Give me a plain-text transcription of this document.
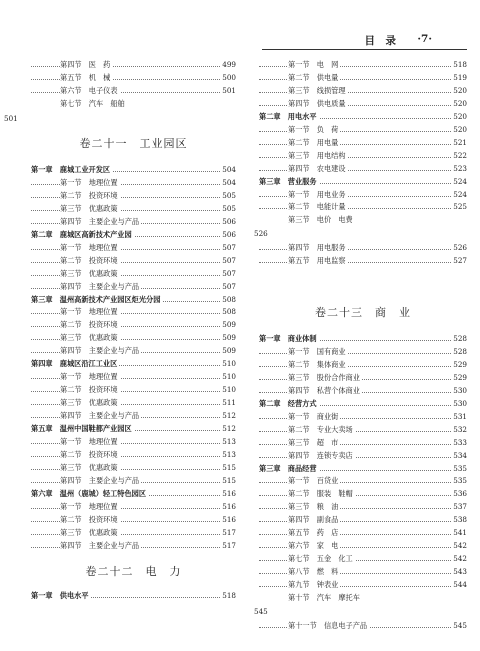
目　录 ·7·
第四节　医　药	499
第五节　机　械	500
第六节　电子仪表	501
第七节　汽车　船舶
501
卷二十一　工业园区
第一章　鹿城工业开发区	504
第一节　地理位置	504
第二节　投资环境	505
第三节　优惠政策	505
第四节　主要企业与产品	506
第二章　鹿城区高新技术产业园	506
第一节　地理位置	507
第二节　投资环境	507
第三节　优惠政策	507
第四节　主要企业与产品	507
第三章　温州高新技术产业园区炬光分园	508
第一节　地理位置	508
第二节　投资环境	509
第三节　优惠政策	509
第四节　主要企业与产品	509
第四章　鹿城区沿江工业区	510
第一节　地理位置	510
第二节　投资环境	510
第三节　优惠政策	511
第四节　主要企业与产品	512
第五章　温州中国鞋都产业园区	512
第一节　地理位置	513
第二节　投资环境	513
第三节　优惠政策	515
第四节　主要企业与产品	515
第六章　温州（鹿城）轻工特色园区	516
第一节　地理位置	516
第二节　投资环境	516
第三节　优惠政策	517
第四节　主要企业与产品	517
卷二十二　电　力
第一章　供电水平	518
第一节　电　网	518
第二节　供电量	519
第三节　线损管理	520
第四节　供电质量	520
第二章　用电水平	520
第一节　负　荷	520
第二节　用电量	521
第三节　用电结构	522
第四节　农电建设	523
第三章　营业服务	524
第一节　用电业务	524
第二节　电能计量	525
第三节　电价　电费
526
第四节　用电服务	526
第五节　用电监察	527
卷二十三　商　业
第一章　商业体制	528
第一节　国有商业	528
第二节　集体商业	529
第三节　股份合作商业	529
第四节　私营个体商业	530
第二章　经营方式	530
第一节　商业街	531
第二节　专业大卖场	532
第三节　超　市	533
第四节　连锁专卖店	534
第三章　商品经营	535
第一节　百货业	535
第二节　服装　鞋帽	536
第三节　粮　油	537
第四节　副食品	538
第五节　药　店	541
第六节　家　电	542
第七节　五金　化工	542
第八节　燃　料	543
第九节　钟表业	544
第十节　汽车　摩托车
545
第十一节　信息电子产品	545
